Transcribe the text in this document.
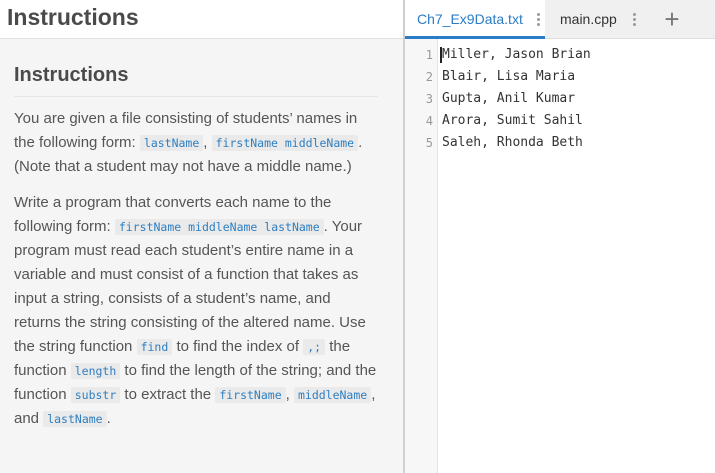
Instructions
Instructions

You are given a file consisting of students’ names in the following form: lastName , firstName middleName . (Note that a student may not have a middle name.)

Write a program that converts each name to the following form: firstName middleName lastName . Your program must read each student’s entire name in a variable and must consist of a function that takes as input a string, consists of a student’s name, and returns the string consisting of the altered name. Use the string function find to find the index of ,; the function length to find the length of the string; and the function substr to extract the firstName , middleName , and lastName .

Ch7_Ex9Data.txt	main.cpp +
1 Miller, Jason Brian
2 Blair, Lisa Maria
3 Gupta, Anil Kumar
4 Arora, Sumit Sahil
5 Saleh, Rhonda Beth
